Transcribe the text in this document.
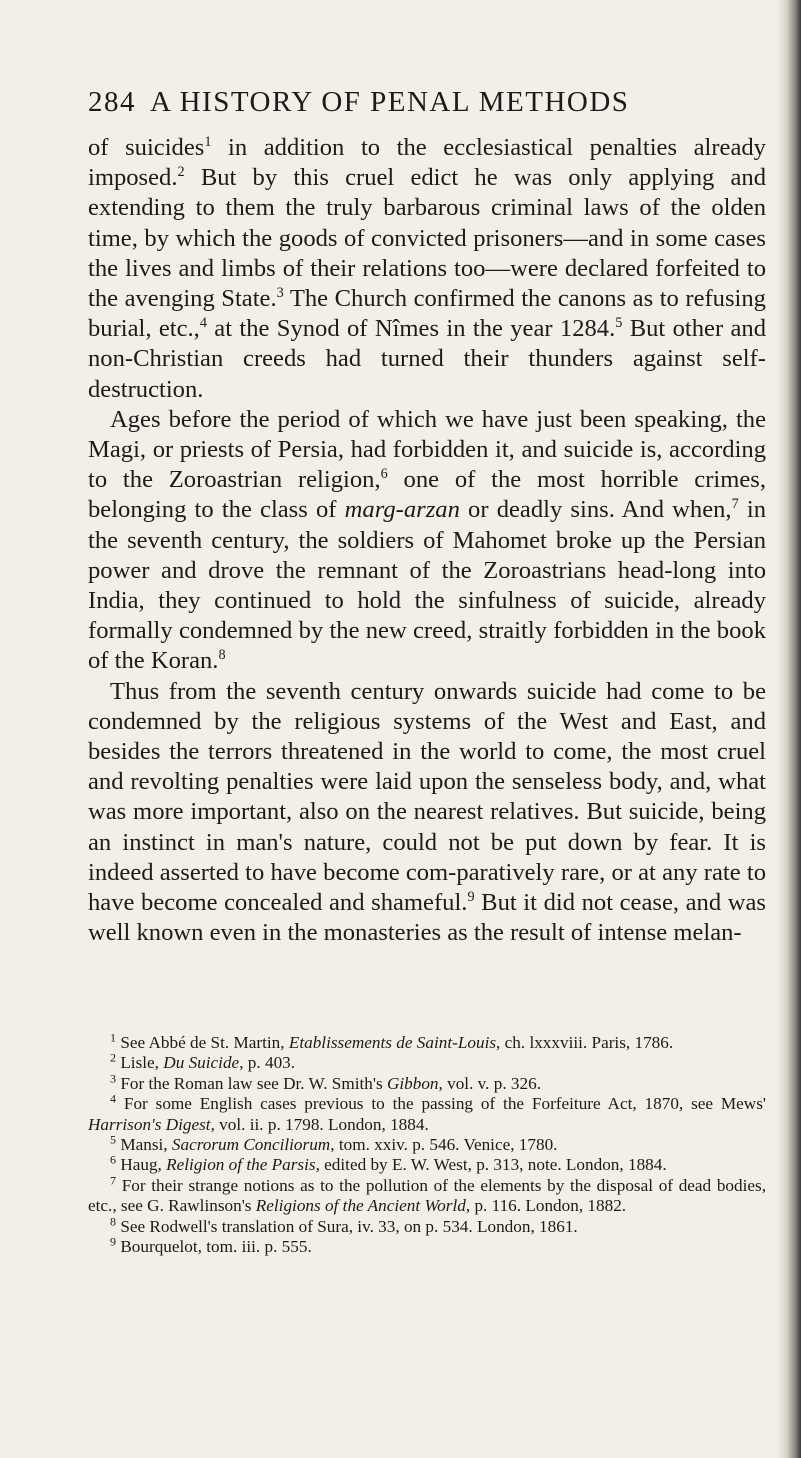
284 A HISTORY OF PENAL METHODS

of suicides$^1$ in addition to the ecclesiastical penalties already imposed.$^2$ But by this cruel edict he was only applying and extending to them the truly barbarous criminal laws of the olden time, by which the goods of convicted prisoners—and in some cases the lives and limbs of their relations too—were declared forfeited to the avenging State.$^3$ The Church confirmed the canons as to refusing burial, etc.,$^4$ at the Synod of Nîmes in the year 1284.$^5$ But other and non-Christian creeds had turned their thunders against self-destruction.

Ages before the period of which we have just been speaking, the Magi, or priests of Persia, had forbidden it, and suicide is, according to the Zoroastrian religion,$^6$ one of the most horrible crimes, belonging to the class of marg-arzan or deadly sins. And when,$^7$ in the seventh century, the soldiers of Mahomet broke up the Persian power and drove the remnant of the Zoroastrians head-long into India, they continued to hold the sinfulness of suicide, already formally condemned by the new creed, straitly forbidden in the book of the Koran.$^8$

Thus from the seventh century onwards suicide had come to be condemned by the religious systems of the West and East, and besides the terrors threatened in the world to come, the most cruel and revolting penalties were laid upon the senseless body, and, what was more important, also on the nearest relatives. But suicide, being an instinct in man's nature, could not be put down by fear. It is indeed asserted to have become com-paratively rare, or at any rate to have become concealed and shameful.$^9$ But it did not cease, and was well known even in the monasteries as the result of intense melan-

$^1$ See Abbé de St. Martin, Etablissements de Saint-Louis, ch. lxxxviii. Paris, 1786.

$^2$ Lisle, Du Suicide, p. 403.

$^3$ For the Roman law see Dr. W. Smith's Gibbon, vol. v. p. 326.

$^4$ For some English cases previous to the passing of the Forfeiture Act, 1870, see Mews' Harrison's Digest, vol. ii. p. 1798. London, 1884.

$^5$ Mansi, Sacrorum Conciliorum, tom. xxiv. p. 546. Venice, 1780.

$^6$ Haug, Religion of the Parsis, edited by E. W. West, p. 313, note. London, 1884.

$^7$ For their strange notions as to the pollution of the elements by the disposal of dead bodies, etc., see G. Rawlinson's Religions of the Ancient World, p. 116. London, 1882.

$^8$ See Rodwell's translation of Sura, iv. 33, on p. 534. London, 1861.

$^9$ Bourquelot, tom. iii. p. 555.
